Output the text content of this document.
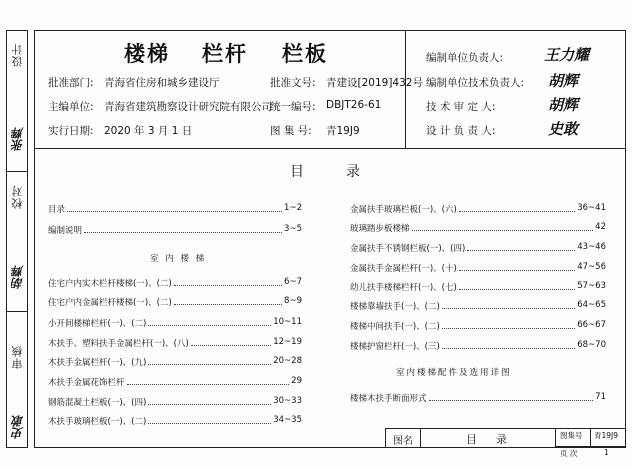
设计
张辉
校对
胡辉
审核
史敢
楼梯 栏杆 栏板
批准部门: 青海省住房和城乡建设厅	批准文号: 青建设[2019]432号
主编单位: 青海省建筑勘察设计研究院有限公司
统一编号: DBJT26-61
实行日期: 2020 年 3 月 1 日	图 集 号: 青19J9
编制单位负责人:	王力耀
编制单位技术负责人: 胡辉
技 术 审 定 人:	胡辉
设 计 负 责 人:	史敢
目	录
目录	1~2
编制说明	3~5
室 内 楼 梯
住宅户内实木栏杆楼梯(一)、(二)	6~7
住宅户内金属栏杆楼梯(一)、(二)	8~9
小开间楼梯栏杆(一)、(二)	10~11
木扶手、塑料扶手金属栏杆(一)、(八)	12~19
木扶手金属栏杆(一)、(九)	20~28
木扶手金属花饰栏杆	29
钢筋混凝土栏板(一)、(四)	30~33
木扶手玻璃栏板(一)、(二)	34~35
金属扶手玻璃栏板(一)、(六)	36~41
玻璃踏步板楼梯	42
金属扶手不锈钢栏板(一)、(四)	43~46
金属扶手金属栏杆(一)、(十)	47~56
幼儿扶手楼梯栏杆(一)、(七)	57~63
楼梯靠墙扶手(一)、(二)	64~65
楼梯中间扶手(一)、(二)	66~67
楼梯护窗栏杆(一)、(三)	68~70
室内楼梯配件及选用详图
楼梯木扶手断面形式	71
图名	目 录	图集号 青19J9
页 次	1
